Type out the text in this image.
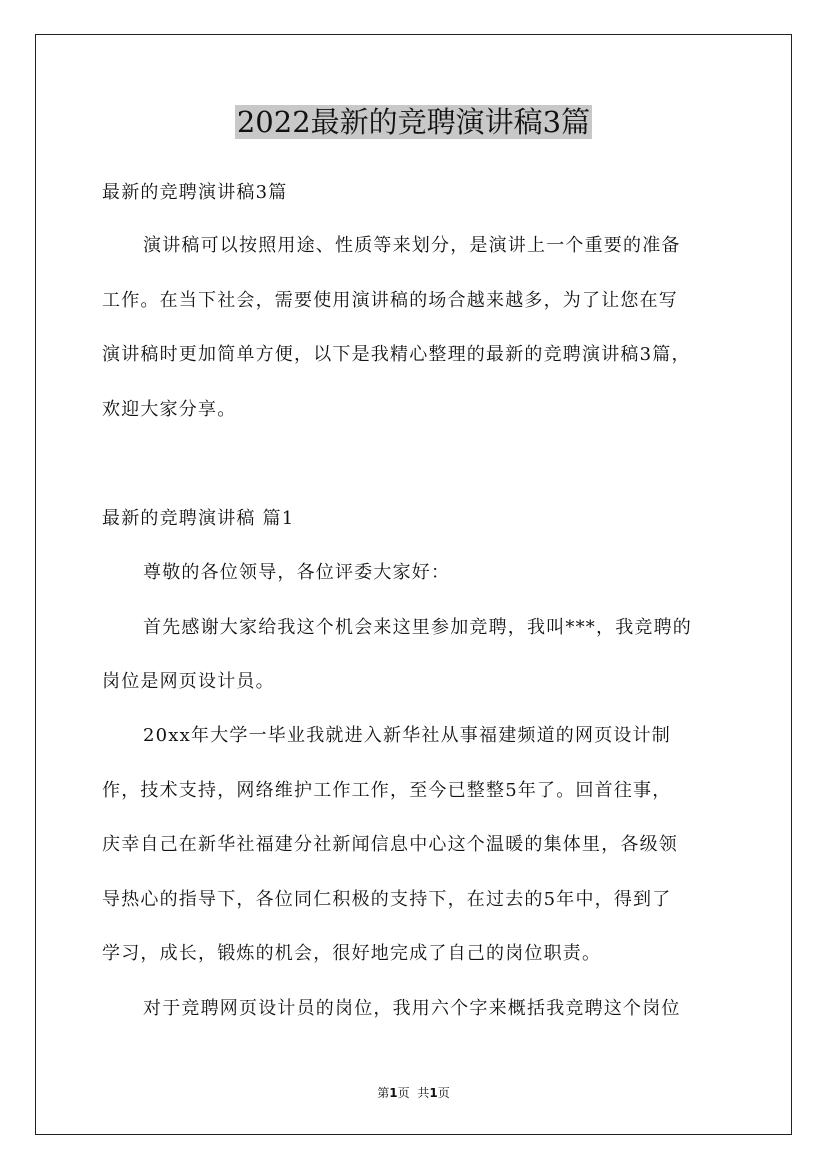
2022最新的竞聘演讲稿3篇
最新的竞聘演讲稿3篇
演讲稿可以按照用途、性质等来划分，是演讲上一个重要的准备
工作。在当下社会，需要使用演讲稿的场合越来越多，为了让您在写
演讲稿时更加简单方便，以下是我精心整理的最新的竞聘演讲稿3篇，
欢迎大家分享。
最新的竞聘演讲稿 篇1
尊敬的各位领导，各位评委大家好：
首先感谢大家给我这个机会来这里参加竞聘，我叫***，我竞聘的
岗位是网页设计员。
20xx年大学一毕业我就进入新华社从事福建频道的网页设计制
作，技术支持，网络维护工作工作，至今已整整5年了。回首往事，
庆幸自己在新华社福建分社新闻信息中心这个温暖的集体里，各级领
导热心的指导下，各位同仁积极的支持下，在过去的5年中，得到了
学习，成长，锻炼的机会，很好地完成了自己的岗位职责。
对于竞聘网页设计员的岗位，我用六个字来概括我竞聘这个岗位
第1页 共1页
